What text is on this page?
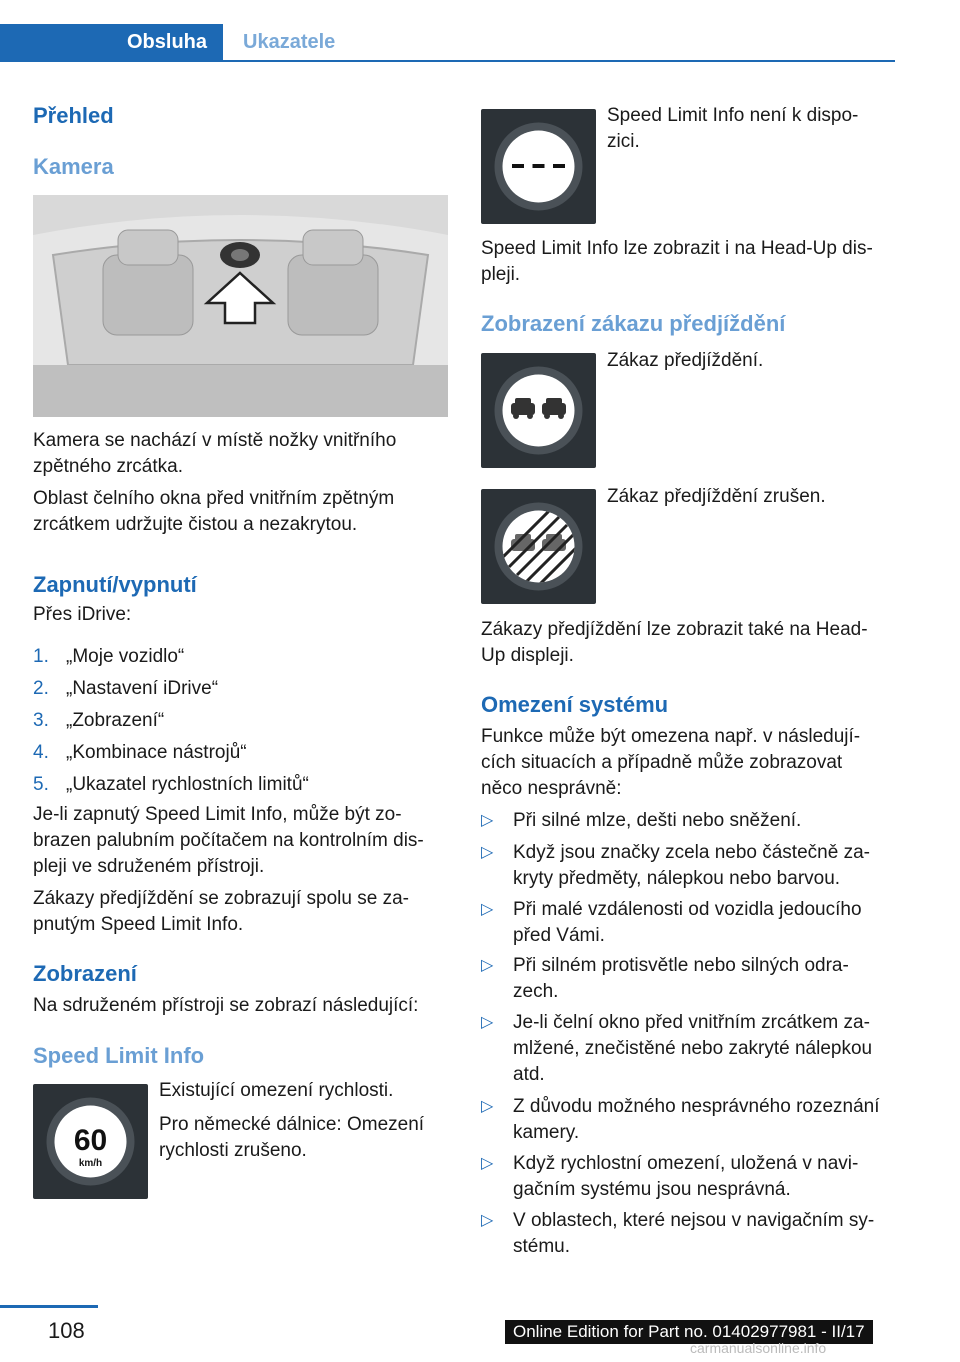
Obsluha	Ukazatele
Přehled
Kamera
Kamera se nachází v místě nožky vnitřního
zpětného zrcátka.
Oblast čelního okna před vnitřním zpětným
zrcátkem udržujte čistou a nezakrytou.
Zapnutí/vypnutí
Přes iDrive:
1. „Moje vozidlo“
2. „Nastavení iDrive“
3. „Zobrazení“
4. „Kombinace nástrojů“
5. „Ukazatel rychlostních limitů“
Je-li zapnutý Speed Limit Info, může být zo-
brazen palubním počítačem na kontrolním dis-
pleji ve sdruženém přístroji.
Zákazy předjíždění se zobrazují spolu se za-
pnutým Speed Limit Info.
Zobrazení
Na sdruženém přístroji se zobrazí následující:
Speed Limit Info
60
km/h
Existující omezení rychlosti.
Pro německé dálnice: Omezení
rychlosti zrušeno.
Speed Limit Info není k dispo-
zici.
Speed Limit Info lze zobrazit i na Head-Up dis-
pleji.
Zobrazení zákazu předjíždění
Zákaz předjíždění.
Zákaz předjíždění zrušen.
Zákazy předjíždění lze zobrazit také na Head-
Up displeji.
Omezení systému
Funkce může být omezena např. v následují-
cích situacích a případně může zobrazovat
něco nesprávně:
▷ Při silné mlze, dešti nebo sněžení.
▷ Když jsou značky zcela nebo částečně za-
kryty předměty, nálepkou nebo barvou.
▷ Při malé vzdálenosti od vozidla jedoucího
před Vámi.
▷ Při silném protisvětle nebo silných odra-
zech.
▷ Je-li čelní okno před vnitřním zrcátkem za-
mlžené, znečistěné nebo zakryté nálepkou
atd.
▷ Z důvodu možného nesprávného rozeznání
kamery.
▷ Když rychlostní omezení, uložená v navi-
gačním systému jsou nesprávná.
▷ V oblastech, které nejsou v navigačním sy-
stému.
108	Online Edition for Part no. 01402977981 - II/17
carmanualsonline.info
